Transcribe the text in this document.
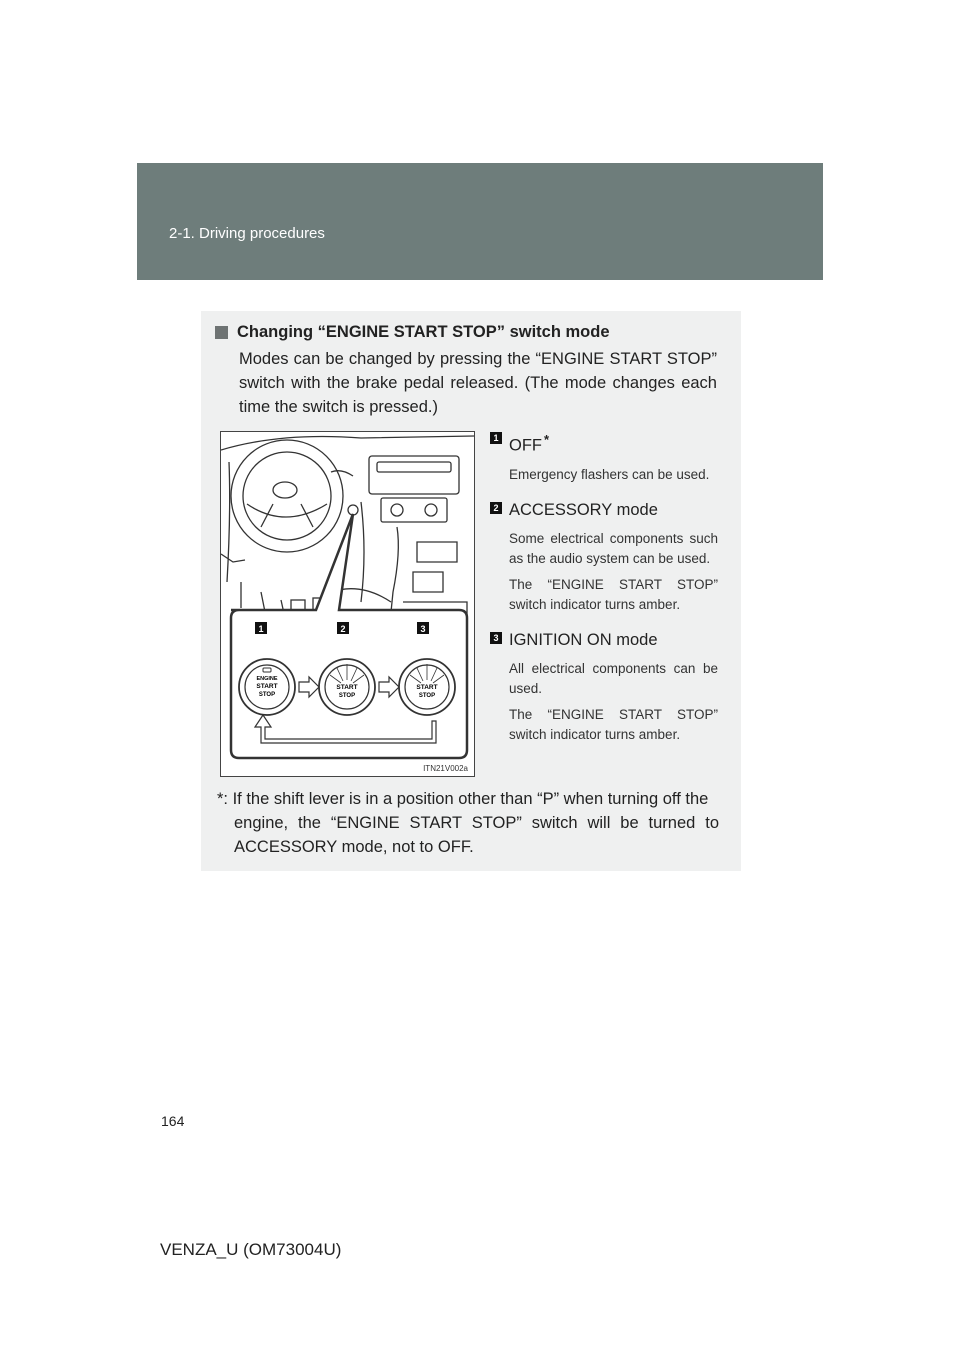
2-1. Driving procedures
Changing “ENGINE START STOP” switch mode
Modes can be changed by pressing the “ENGINE START STOP” switch with the brake pedal released. (The mode changes each time the switch is pressed.)
1	2	3
ENGINE
START
STOP
START
STOP
START
STOP
ITN21V002a
1 OFF *
Emergency flashers can be used.
2 ACCESSORY mode
Some electrical components such as the audio system can be used.
The “ENGINE START STOP” switch indicator turns amber.
3 IGNITION ON mode
All electrical components can be used.
The “ENGINE START STOP” switch indicator turns amber.
*: If the shift lever is in a position other than “P” when turning off the
engine, the “ENGINE START STOP” switch will be turned to ACCESSORY mode, not to OFF.
164
VENZA_U (OM73004U)
